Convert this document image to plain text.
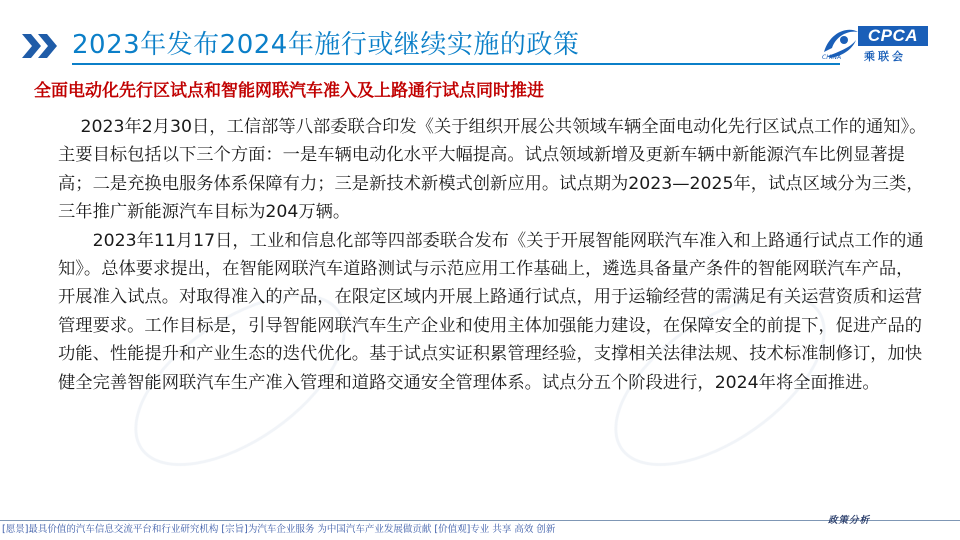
2023年发布2024年施行或继续实施的政策	CPCA
乘联会
CHINA
全面电动化先行区试点和智能网联汽车准入及上路通行试点同时推进

2023年2月30日，工信部等八部委联合印发《关于组织开展公共领域车辆全面电动化先行区试点工作的通知》。主要目标包括以下三个方面：一是车辆电动化水平大幅提高。试点领域新增及更新车辆中新能源汽车比例显著提高；二是充换电服务体系保障有力；三是新技术新模式创新应用。试点期为2023—2025年，试点区域分为三类，三年推广新能源汽车目标为204万辆。

2023年11月17日，工业和信息化部等四部委联合发布《关于开展智能网联汽车准入和上路通行试点工作的通知》。总体要求提出，在智能网联汽车道路测试与示范应用工作基础上，遴选具备量产条件的智能网联汽车产品，开展准入试点。对取得准入的产品，在限定区域内开展上路通行试点，用于运输经营的需满足有关运营资质和运营管理要求。工作目标是，引导智能网联汽车生产企业和使用主体加强能力建设，在保障安全的前提下，促进产品的功能、性能提升和产业生态的迭代优化。基于试点实证积累管理经验，支撑相关法律法规、技术标准制修订，加快健全完善智能网联汽车生产准入管理和道路交通安全管理体系。试点分五个阶段进行，2024年将全面推进。

[愿景]最具价值的汽车信息交流平台和行业研究机构 [宗旨]为汽车企业服务 为中国汽车产业发展做贡献 [价值观]专业 共享 高效 创新
政策分析
